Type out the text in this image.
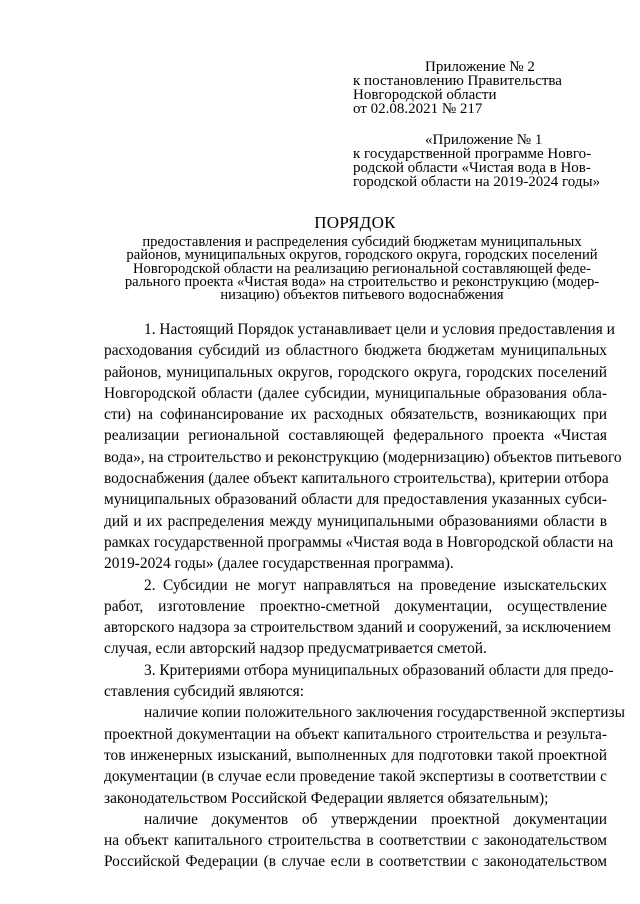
Приложение № 2
к постановлению Правительства
Новгородской области
от 02.08.2021 № 217
«Приложение № 1
к государственной программе Новго-
родской области «Чистая вода в Нов-
городской области на 2019-2024 годы»
ПОРЯДОК
предоставления и распределения субсидий бюджетам муниципальных
районов, муниципальных округов, городского округа, городских поселений
Новгородской области на реализацию региональной составляющей феде-
рального проекта «Чистая вода» на строительство и реконструкцию (модер-
низацию) объектов питьевого водоснабжения
1. Настоящий Порядок устанавливает цели и условия предоставления и
расходования субсидий из областного бюджета бюджетам муниципальных
районов, муниципальных округов, городского округа, городских поселений
Новгородской области (далее субсидии, муниципальные образования обла-
сти) на софинансирование их расходных обязательств, возникающих при
реализации региональной составляющей федерального проекта «Чистая
вода», на строительство и реконструкцию (модернизацию) объектов питьевого
водоснабжения (далее объект капитального строительства), критерии отбора
муниципальных образований области для предоставления указанных субси-
дий и их распределения между муниципальными образованиями области в
рамках государственной программы «Чистая вода в Новгородской области на
2019-2024 годы» (далее государственная программа).
2. Субсидии не могут направляться на проведение изыскательских
работ, изготовление проектно-сметной документации, осуществление
авторского надзора за строительством зданий и сооружений, за исключением
случая, если авторский надзор предусматривается сметой.
3. Критериями отбора муниципальных образований области для предо-
ставления субсидий являются:
наличие копии положительного заключения государственной экспертизы
проектной документации на объект капитального строительства и результа-
тов инженерных изысканий, выполненных для подготовки такой проектной
документации (в случае если проведение такой экспертизы в соответствии с
законодательством Российской Федерации является обязательным);
наличие документов об утверждении проектной документации
на объект капитального строительства в соответствии с законодательством
Российской Федерации (в случае если в соответствии с законодательством
